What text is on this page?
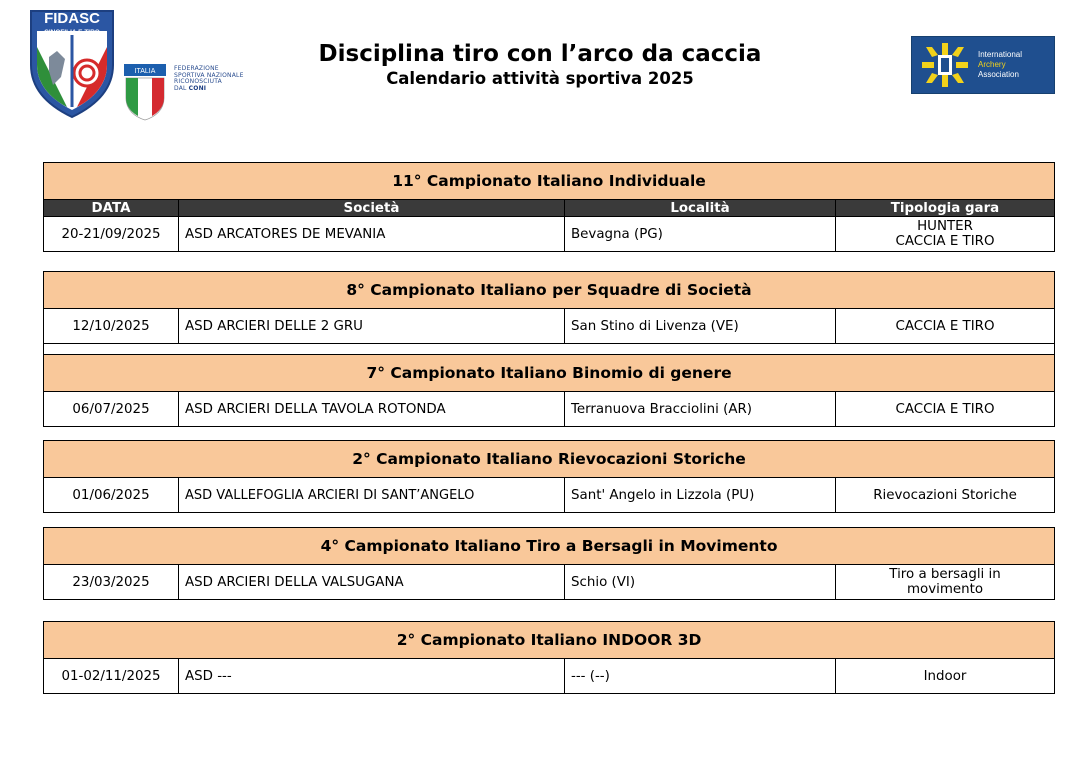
FIDASC
CINOFILIA E TIRO
ITALIA	FEDERAZIONE
SPORTIVA NAZIONALE
RICONOSCIUTA
DAL CONI
Disciplina tiro con l’arco da caccia
Calendario attività sportiva 2025
International
Archery
Association
11° Campionato Italiano Individuale			
DATA	Società	Località	Tipologia gara
20-21/09/2025	ASD ARCATORES DE MEVANIA	Bevagna (PG)	HUNTER
CACCIA E TIRO
8° Campionato Italiano per Squadre di Società
12/10/2025	ASD ARCIERI DELLE 2 GRU	San Stino di Livenza (VE)	CACCIA E TIRO

7° Campionato Italiano Binomio di genere
06/07/2025	ASD ARCIERI DELLA TAVOLA ROTONDA	Terranuova Bracciolini (AR)	CACCIA E TIRO
2° Campionato Italiano Rievocazioni Storiche
01/06/2025	ASD VALLEFOGLIA ARCIERI DI SANT’ANGELO	Sant' Angelo in Lizzola (PU)	Rievocazioni Storiche
4° Campionato Italiano Tiro a Bersagli in Movimento
23/03/2025	ASD ARCIERI DELLA VALSUGANA	Schio (VI)	Tiro a bersagli in
movimento
2° Campionato Italiano INDOOR 3D
01-02/11/2025	ASD ---	--- (--)	Indoor
